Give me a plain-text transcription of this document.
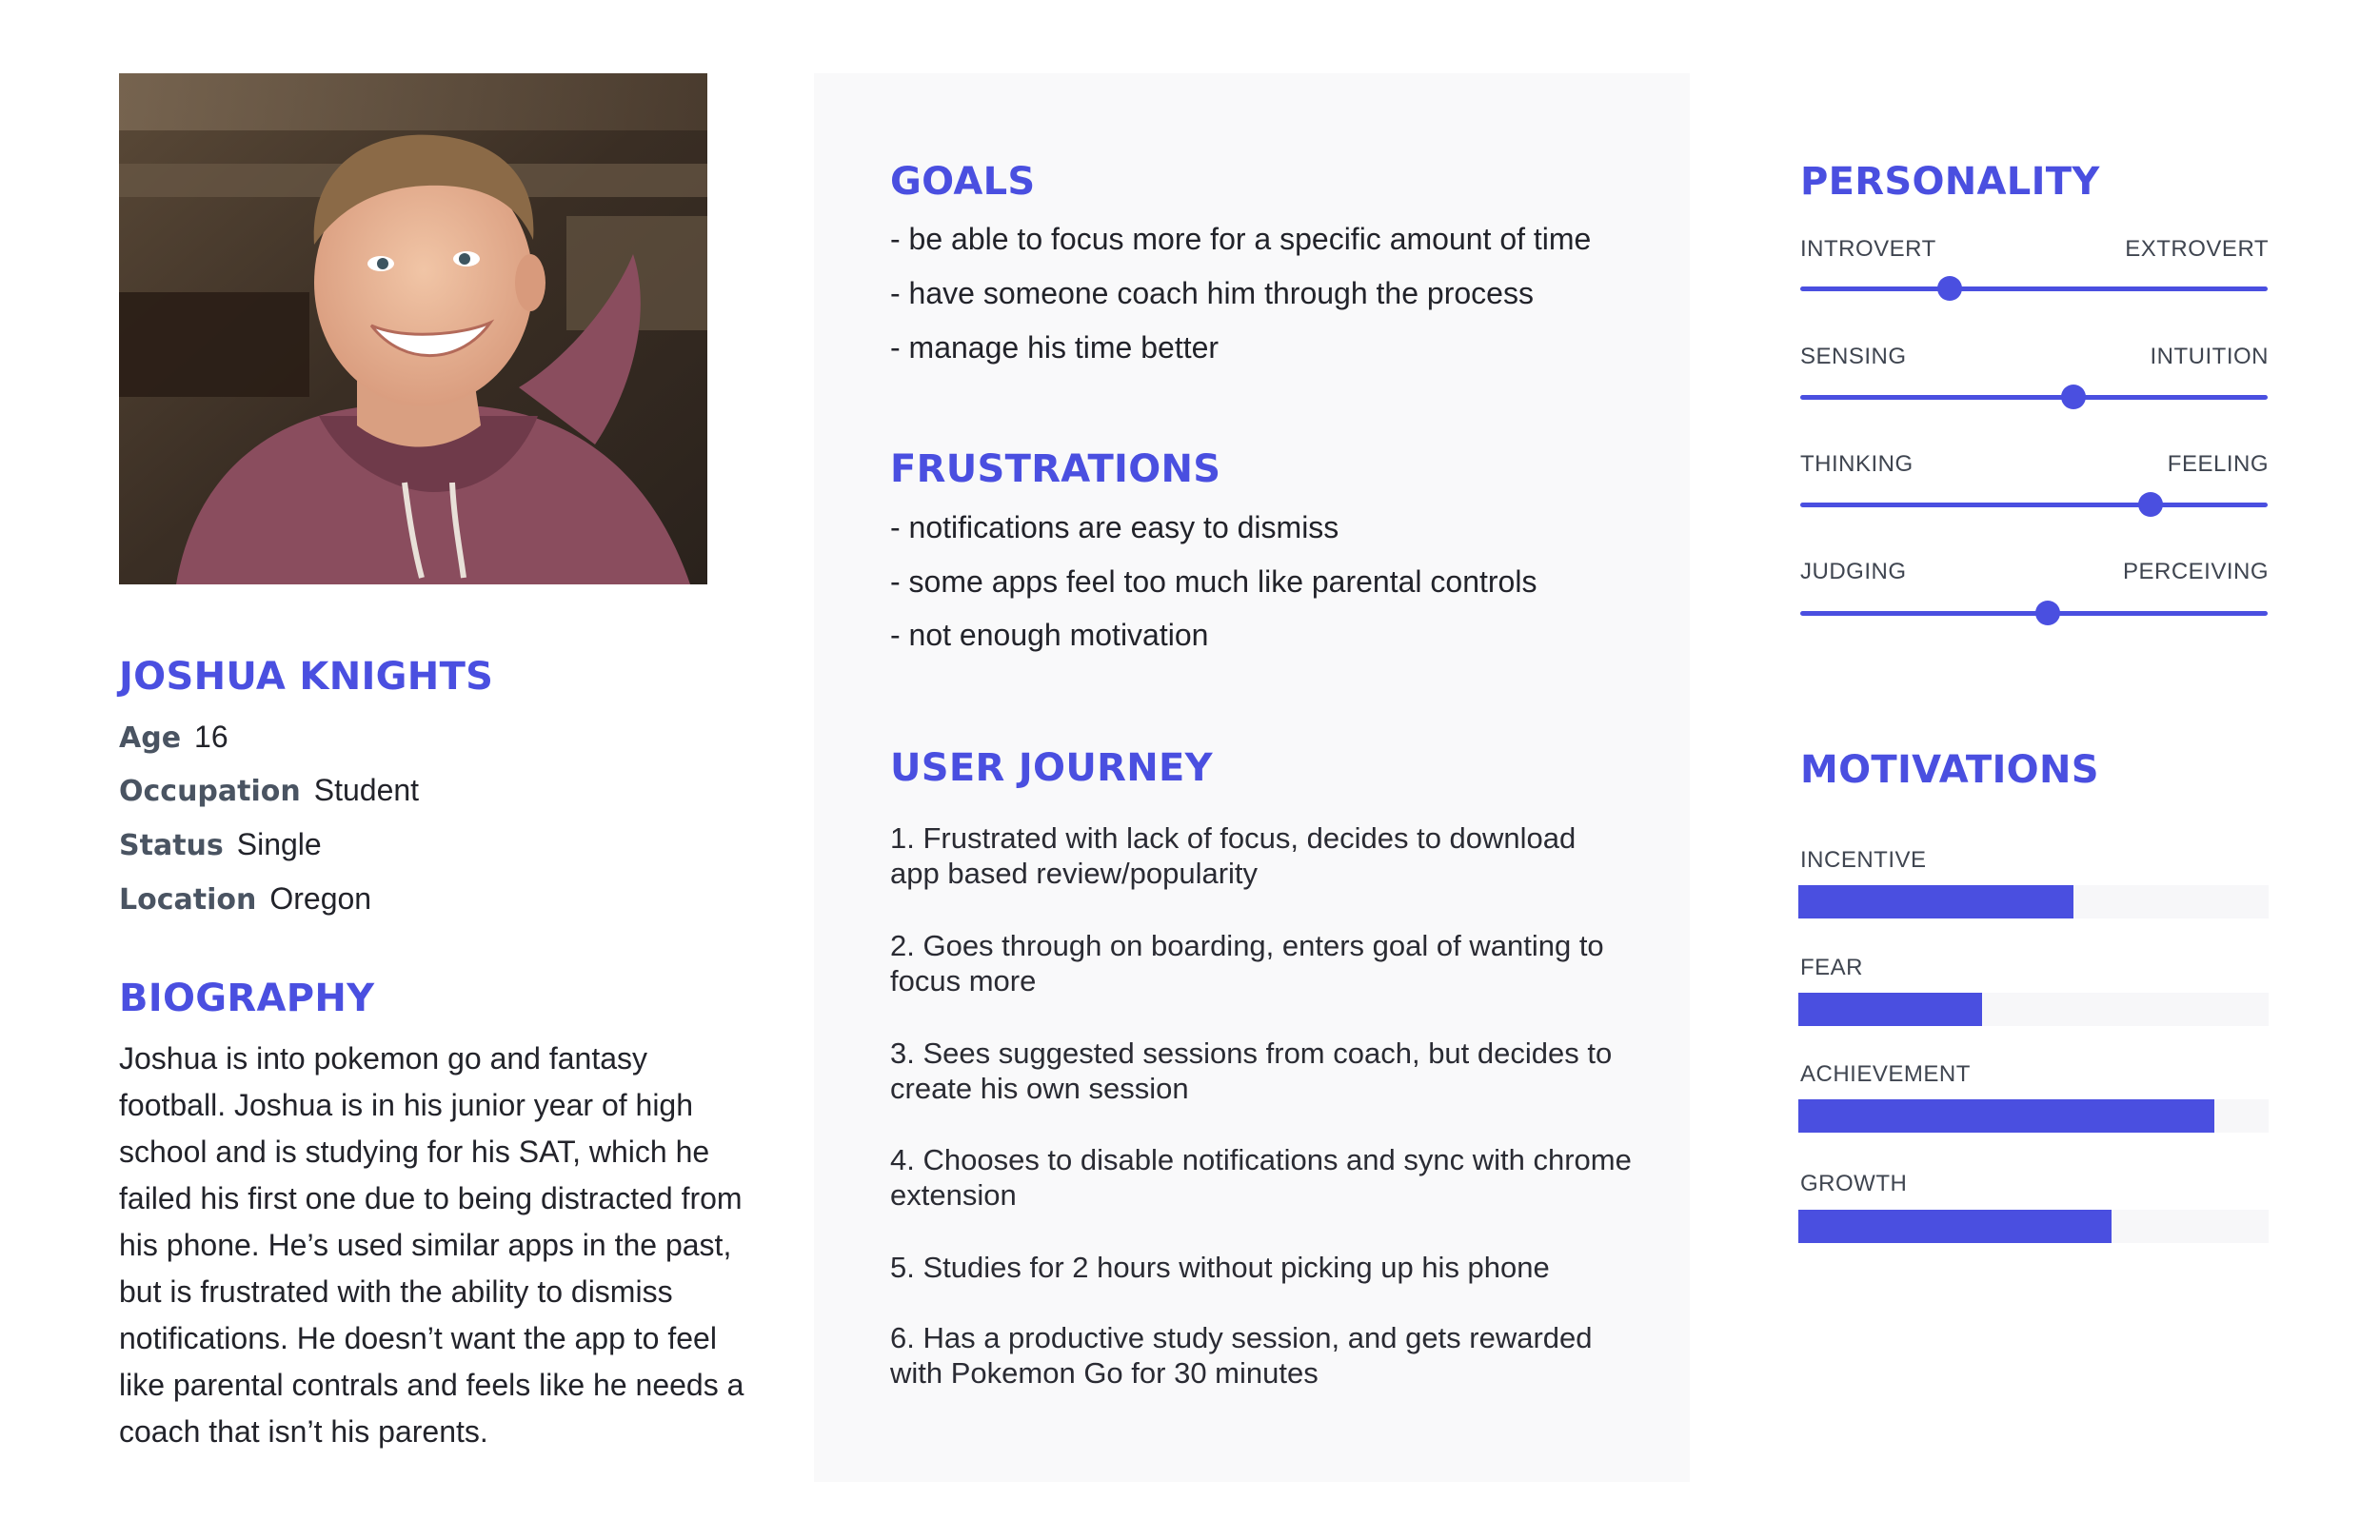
JOSHUA KNIGHTS
Age 16
Occupation Student
Status Single
Location Oregon
BIOGRAPHY

Joshua is into pokemon go and fantasy football. Joshua is in his junior year of high school and is studying for his SAT, which he failed his first one due to being distracted from his phone. He’s used similar apps in the past, but is frustrated with the ability to dismiss notifications. He doesn’t want the app to feel like parental contrals and feels like he needs a coach that isn’t his parents.

GOALS

- be able to focus more for a specific amount of time

- have someone coach him through the process

- manage his time better

FRUSTRATIONS

- notifications are easy to dismiss

- some apps feel too much like parental controls

- not enough motivation

USER JOURNEY

1. Frustrated with lack of focus, decides to download app based review/popularity

2. Goes through on boarding, enters goal of wanting to focus more

3. Sees suggested sessions from coach, but decides to create his own session

4. Chooses to disable notifications and sync with chrome extension

5. Studies for 2 hours without picking up his phone

6. Has a productive study session, and gets rewarded with Pokemon Go for 30 minutes

PERSONALITY
INTROVERT	EXTROVERT
SENSING	INTUITION
THINKING	FEELING
JUDGING	PERCEIVING
MOTIVATIONS
INCENTIVE
FEAR
ACHIEVEMENT
GROWTH
